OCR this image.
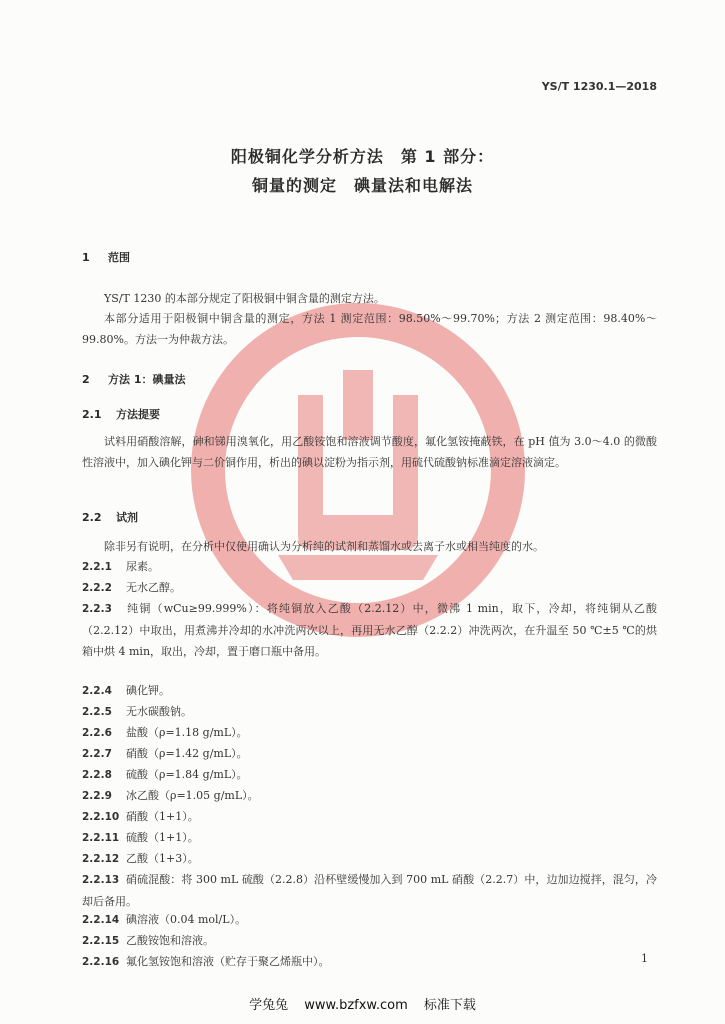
YS/T 1230.1—2018
阳极铜化学分析方法　第 1 部分：
铜量的测定　碘量法和电解法
1 范围

YS/T 1230 的本部分规定了阳极铜中铜含量的测定方法。

本部分适用于阳极铜中铜含量的测定，方法 1 测定范围：98.50%～99.70%；方法 2 测定范围：98.40%～99.80%。方法一为仲裁方法。

2 方法 1：碘量法
2.1 方法提要

试料用硝酸溶解，砷和锑用溴氧化，用乙酸铵饱和溶液调节酸度，氟化氢铵掩蔽铁，在 pH 值为 3.0～4.0 的微酸性溶液中，加入碘化钾与二价铜作用，析出的碘以淀粉为指示剂，用硫代硫酸钠标准滴定溶液滴定。

2.2 试剂

除非另有说明，在分析中仅使用确认为分析纯的试剂和蒸馏水或去离子水或相当纯度的水。

2.2.1 尿素。

2.2.2 无水乙醇。

2.2.3 纯铜（wCu≥99.999%）：将纯铜放入乙酸（2.2.12）中，微沸 1 min，取下，冷却，将纯铜从乙酸（2.2.12）中取出，用煮沸并冷却的水冲洗两次以上，再用无水乙醇（2.2.2）冲洗两次，在升温至 50 ℃±5 ℃的烘箱中烘 4 min，取出，冷却，置于磨口瓶中备用。

2.2.4 碘化钾。

2.2.5 无水碳酸钠。

2.2.6 盐酸（ρ=1.18 g/mL）。

2.2.7 硝酸（ρ=1.42 g/mL）。

2.2.8 硫酸（ρ=1.84 g/mL）。

2.2.9 冰乙酸（ρ=1.05 g/mL）。

2.2.10 硝酸（1+1）。

2.2.11 硫酸（1+1）。

2.2.12 乙酸（1+3）。

2.2.13 硝硫混酸：将 300 mL 硫酸（2.2.8）沿杯壁缓慢加入到 700 mL 硝酸（2.2.7）中，边加边搅拌，混匀，冷却后备用。

2.2.14 碘溶液（0.04 mol/L）。

2.2.15 乙酸铵饱和溶液。

2.2.16 氟化氢铵饱和溶液（贮存于聚乙烯瓶中）。	1
学兔兔 www.bzfxw.com 标准下载
